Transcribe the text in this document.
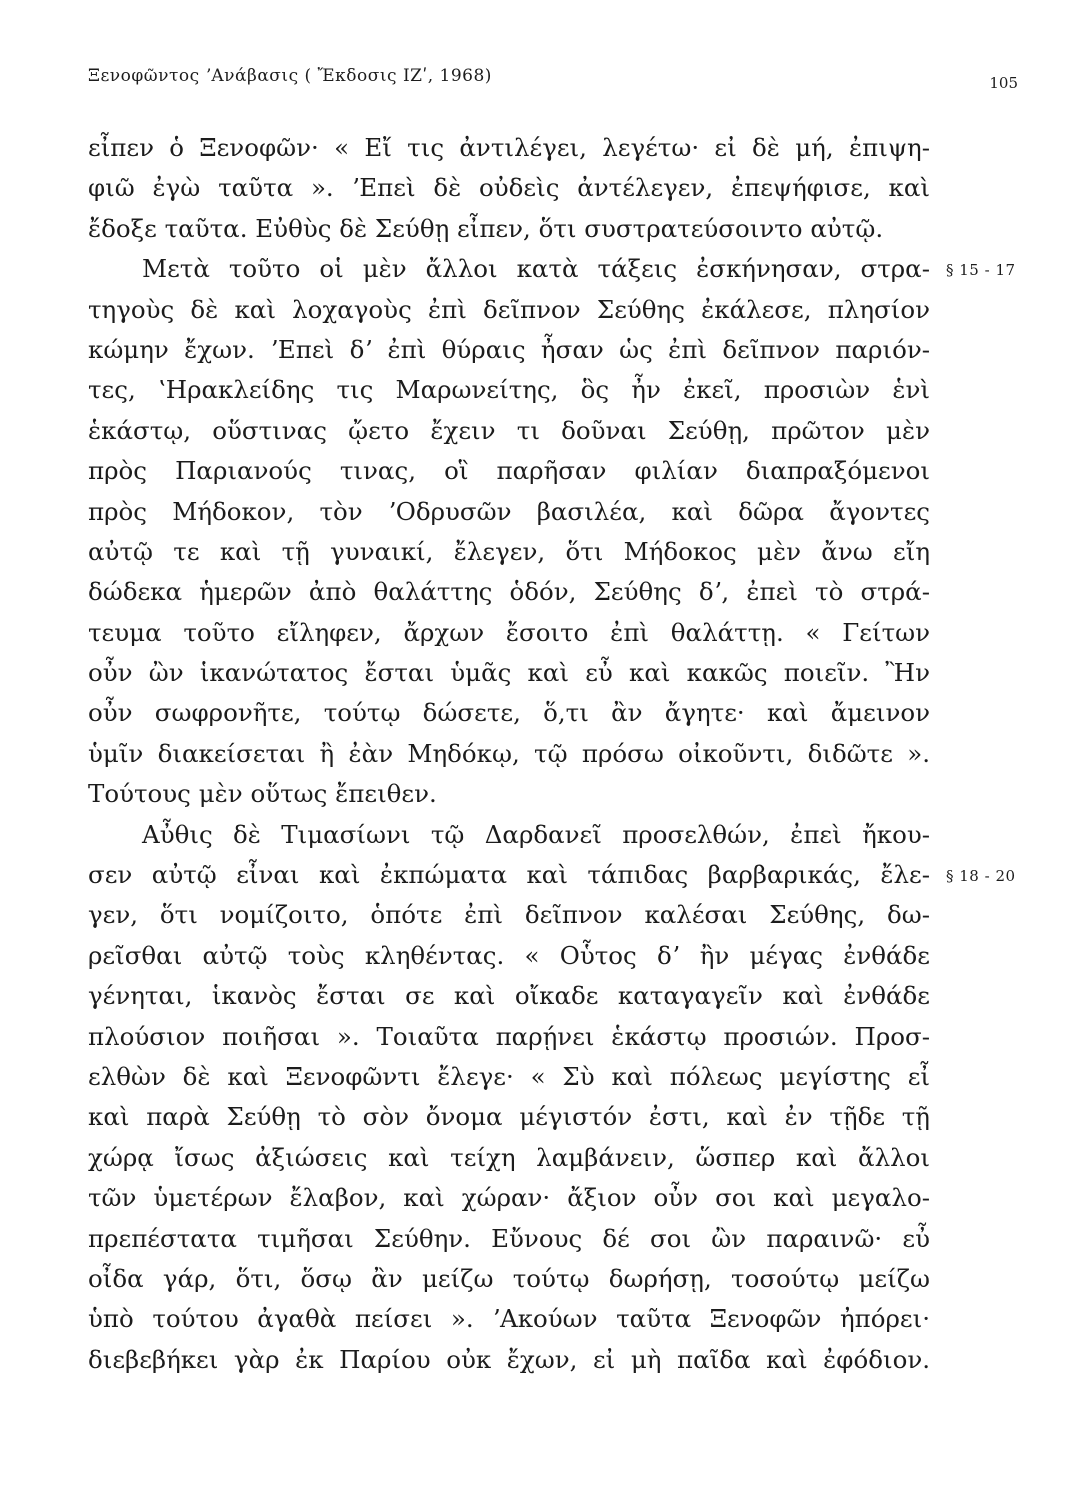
Ξενοφῶντος ʼΑνάβασις ( Ἔκδοσις ΙΖʹ, 1968)	105
εἶπεν ὁ Ξενοφῶν· « Εἴ τις ἀντιλέγει, λεγέτω· εἰ δὲ μή, ἐπιψη-
φιῶ ἐγὼ ταῦτα ». ʼΕπεὶ δὲ οὐδεὶς ἀντέλεγεν, ἐπεψήφισε, καὶ
ἔδοξε ταῦτα. Εὐθὺς δὲ Σεύθῃ εἶπεν, ὅτι συστρατεύσοιντο αὐτῷ.
Μετὰ τοῦτο οἱ μὲν ἄλλοι κατὰ τάξεις ἐσκήνησαν, στρα-
τηγοὺς δὲ καὶ λοχαγοὺς ἐπὶ δεῖπνον Σεύθης ἐκάλεσε, πλησίον
κώμην ἔχων. ʼΕπεὶ δʼ ἐπὶ θύραις ἦσαν ὡς ἐπὶ δεῖπνον παριόν-
τες, ʽΗρακλείδης τις Μαρωνείτης, ὃς ἦν ἐκεῖ, προσιὼν ἑνὶ
ἑκάστῳ, οὕστινας ᾤετο ἔχειν τι δοῦναι Σεύθῃ, πρῶτον μὲν
πρὸς Παριανούς τινας, οἳ παρῆσαν φιλίαν διαπραξόμενοι
πρὸς Μήδοκον, τὸν ʼΟδρυσῶν βασιλέα, καὶ δῶρα ἄγοντες
αὐτῷ τε καὶ τῇ γυναικί, ἔλεγεν, ὅτι Μήδοκος μὲν ἄνω εἴη
δώδεκα ἡμερῶν ἀπὸ θαλάττης ὁδόν, Σεύθης δʼ, ἐπεὶ τὸ στρά-
τευμα τοῦτο εἴληφεν, ἄρχων ἔσοιτο ἐπὶ θαλάττῃ. « Γείτων
οὖν ὢν ἱκανώτατος ἔσται ὑμᾶς καὶ εὖ καὶ κακῶς ποιεῖν. Ἢν
οὖν σωφρονῆτε, τούτῳ δώσετε, ὅ,τι ἂν ἄγητε· καὶ ἄμεινον
ὑμῖν διακείσεται ἢ ἐὰν Μηδόκῳ, τῷ πρόσω οἰκοῦντι, διδῶτε ».
Τούτους μὲν οὕτως ἔπειθεν.
Αὖθις δὲ Τιμασίωνι τῷ Δαρδανεῖ προσελθών, ἐπεὶ ἤκου-
σεν αὐτῷ εἶναι καὶ ἐκπώματα καὶ τάπιδας βαρβαρικάς, ἔλε-
γεν, ὅτι νομίζοιτο, ὁπότε ἐπὶ δεῖπνον καλέσαι Σεύθης, δω-
ρεῖσθαι αὐτῷ τοὺς κληθέντας. « Οὗτος δʼ ἢν μέγας ἐνθάδε
γένηται, ἱκανὸς ἔσται σε καὶ οἴκαδε καταγαγεῖν καὶ ἐνθάδε
πλούσιον ποιῆσαι ». Τοιαῦτα παρῄνει ἑκάστῳ προσιών. Προσ-
ελθὼν δὲ καὶ Ξενοφῶντι ἔλεγε· « Σὺ καὶ πόλεως μεγίστης εἶ
καὶ παρὰ Σεύθῃ τὸ σὸν ὄνομα μέγιστόν ἐστι, καὶ ἐν τῇδε τῇ
χώρᾳ ἴσως ἀξιώσεις καὶ τείχη λαμβάνειν, ὥσπερ καὶ ἄλλοι
τῶν ὑμετέρων ἔλαβον, καὶ χώραν· ἄξιον οὖν σοι καὶ μεγαλο-
πρεπέστατα τιμῆσαι Σεύθην. Εὔνους δέ σοι ὢν παραινῶ· εὖ
οἶδα γάρ, ὅτι, ὅσῳ ἂν μείζω τούτῳ δωρήσῃ, τοσούτῳ μείζω
ὑπὸ τούτου ἀγαθὰ πείσει ». ʼΑκούων ταῦτα Ξενοφῶν ἠπόρει·
διεβεβήκει γὰρ ἐκ Παρίου οὐκ ἔχων, εἰ μὴ παῖδα καὶ ἐφόδιον.
§ 15 - 17
§ 18 - 20
